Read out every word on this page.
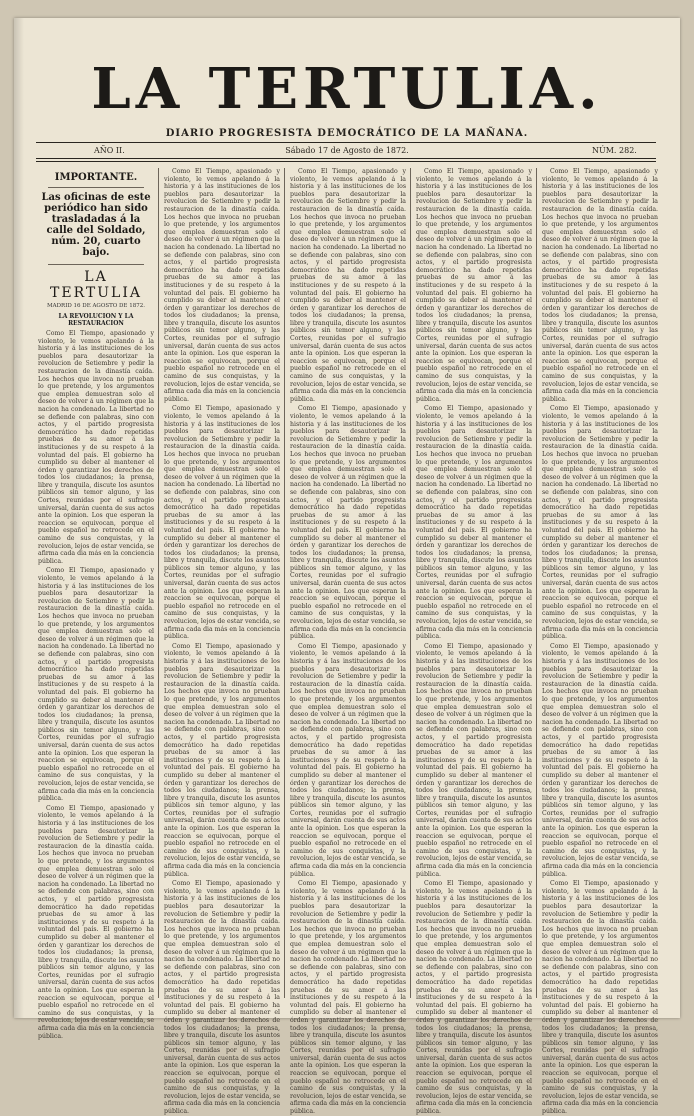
LA TERTULIA.
DIARIO PROGRESISTA DEMOCRÁTICO DE LA MAÑANA.
AÑO II.	Sábado 17 de Agosto de 1872.	NÚM. 282.
IMPORTANTE.
Las oficinas de este periódico han sido trasladadas á la calle del Soldado, núm. 20, cuarto bajo.
LA TERTULIA
MADRID 16 DE AGOSTO DE 1872.
LA REVOLUCION Y LA RESTAURACION

Como El Tiempo, apasionado y violento, le vemos apelando á la historia y á las instituciones de los pueblos para desautorizar la revolucion de Setiembre y pedir la restauracion de la dinastía caída. Los hechos que invoca no prueban lo que pretende, y los argumentos que emplea demuestran solo el deseo de volver á un régimen que la nacion ha condenado. La libertad no se defiende con palabras, sino con actos, y el partido progresista democrático ha dado repetidas pruebas de su amor á las instituciones y de su respeto á la voluntad del país. El gobierno ha cumplido su deber al mantener el órden y garantizar los derechos de todos los ciudadanos; la prensa, libre y tranquila, discute los asuntos públicos sin temor alguno, y las Cortes, reunidas por el sufragio universal, darán cuenta de sus actos ante la opinion. Los que esperan la reaccion se equivocan, porque el pueblo español no retrocede en el camino de sus conquistas, y la revolucion, lejos de estar vencida, se afirma cada dia más en la conciencia pública.

Como El Tiempo, apasionado y violento, le vemos apelando á la historia y á las instituciones de los pueblos para desautorizar la revolucion de Setiembre y pedir la restauracion de la dinastía caída. Los hechos que invoca no prueban lo que pretende, y los argumentos que emplea demuestran solo el deseo de volver á un régimen que la nacion ha condenado. La libertad no se defiende con palabras, sino con actos, y el partido progresista democrático ha dado repetidas pruebas de su amor á las instituciones y de su respeto á la voluntad del país. El gobierno ha cumplido su deber al mantener el órden y garantizar los derechos de todos los ciudadanos; la prensa, libre y tranquila, discute los asuntos públicos sin temor alguno, y las Cortes, reunidas por el sufragio universal, darán cuenta de sus actos ante la opinion. Los que esperan la reaccion se equivocan, porque el pueblo español no retrocede en el camino de sus conquistas, y la revolucion, lejos de estar vencida, se afirma cada dia más en la conciencia pública.

Como El Tiempo, apasionado y violento, le vemos apelando á la historia y á las instituciones de los pueblos para desautorizar la revolucion de Setiembre y pedir la restauracion de la dinastía caída. Los hechos que invoca no prueban lo que pretende, y los argumentos que emplea demuestran solo el deseo de volver á un régimen que la nacion ha condenado. La libertad no se defiende con palabras, sino con actos, y el partido progresista democrático ha dado repetidas pruebas de su amor á las instituciones y de su respeto á la voluntad del país. El gobierno ha cumplido su deber al mantener el órden y garantizar los derechos de todos los ciudadanos; la prensa, libre y tranquila, discute los asuntos públicos sin temor alguno, y las Cortes, reunidas por el sufragio universal, darán cuenta de sus actos ante la opinion. Los que esperan la reaccion se equivocan, porque el pueblo español no retrocede en el camino de sus conquistas, y la revolucion, lejos de estar vencida, se afirma cada dia más en la conciencia pública.

Como El Tiempo, apasionado y violento, le vemos apelando á la historia y á las instituciones de los pueblos para desautorizar la revolucion de Setiembre y pedir la restauracion de la dinastía caída. Los hechos que invoca no prueban lo que pretende, y los argumentos que emplea demuestran solo el deseo de volver á un régimen que la nacion ha condenado. La libertad no se defiende con palabras, sino con actos, y el partido progresista democrático ha dado repetidas pruebas de su amor á las instituciones y de su respeto á la voluntad del país. El gobierno ha cumplido su deber al mantener el órden y garantizar los derechos de todos los ciudadanos; la prensa, libre y tranquila, discute los asuntos públicos sin temor alguno, y las Cortes, reunidas por el sufragio universal, darán cuenta de sus actos ante la opinion. Los que esperan la reaccion se equivocan, porque el pueblo español no retrocede en el camino de sus conquistas, y la revolucion, lejos de estar vencida, se afirma cada dia más en la conciencia pública.

Como El Tiempo, apasionado y violento, le vemos apelando á la historia y á las instituciones de los pueblos para desautorizar la revolucion de Setiembre y pedir la restauracion de la dinastía caída. Los hechos que invoca no prueban lo que pretende, y los argumentos que emplea demuestran solo el deseo de volver á un régimen que la nacion ha condenado. La libertad no se defiende con palabras, sino con actos, y el partido progresista democrático ha dado repetidas pruebas de su amor á las instituciones y de su respeto á la voluntad del país. El gobierno ha cumplido su deber al mantener el órden y garantizar los derechos de todos los ciudadanos; la prensa, libre y tranquila, discute los asuntos públicos sin temor alguno, y las Cortes, reunidas por el sufragio universal, darán cuenta de sus actos ante la opinion. Los que esperan la reaccion se equivocan, porque el pueblo español no retrocede en el camino de sus conquistas, y la revolucion, lejos de estar vencida, se afirma cada dia más en la conciencia pública.

Como El Tiempo, apasionado y violento, le vemos apelando á la historia y á las instituciones de los pueblos para desautorizar la revolucion de Setiembre y pedir la restauracion de la dinastía caída. Los hechos que invoca no prueban lo que pretende, y los argumentos que emplea demuestran solo el deseo de volver á un régimen que la nacion ha condenado. La libertad no se defiende con palabras, sino con actos, y el partido progresista democrático ha dado repetidas pruebas de su amor á las instituciones y de su respeto á la voluntad del país. El gobierno ha cumplido su deber al mantener el órden y garantizar los derechos de todos los ciudadanos; la prensa, libre y tranquila, discute los asuntos públicos sin temor alguno, y las Cortes, reunidas por el sufragio universal, darán cuenta de sus actos ante la opinion. Los que esperan la reaccion se equivocan, porque el pueblo español no retrocede en el camino de sus conquistas, y la revolucion, lejos de estar vencida, se afirma cada dia más en la conciencia pública.

Como El Tiempo, apasionado y violento, le vemos apelando á la historia y á las instituciones de los pueblos para desautorizar la revolucion de Setiembre y pedir la restauracion de la dinastía caída. Los hechos que invoca no prueban lo que pretende, y los argumentos que emplea demuestran solo el deseo de volver á un régimen que la nacion ha condenado. La libertad no se defiende con palabras, sino con actos, y el partido progresista democrático ha dado repetidas pruebas de su amor á las instituciones y de su respeto á la voluntad del país. El gobierno ha cumplido su deber al mantener el órden y garantizar los derechos de todos los ciudadanos; la prensa, libre y tranquila, discute los asuntos públicos sin temor alguno, y las Cortes, reunidas por el sufragio universal, darán cuenta de sus actos ante la opinion. Los que esperan la reaccion se equivocan, porque el pueblo español no retrocede en el camino de sus conquistas, y la revolucion, lejos de estar vencida, se afirma cada dia más en la conciencia pública.

Como El Tiempo, apasionado y violento, le vemos apelando á la historia y á las instituciones de los pueblos para desautorizar la revolucion de Setiembre y pedir la restauracion de la dinastía caída. Los hechos que invoca no prueban lo que pretende, y los argumentos que emplea demuestran solo el deseo de volver á un régimen que la nacion ha condenado. La libertad no se defiende con palabras, sino con actos, y el partido progresista democrático ha dado repetidas pruebas de su amor á las instituciones y de su respeto á la voluntad del país. El gobierno ha cumplido su deber al mantener el órden y garantizar los derechos de todos los ciudadanos; la prensa, libre y tranquila, discute los asuntos públicos sin temor alguno, y las Cortes, reunidas por el sufragio universal, darán cuenta de sus actos ante la opinion. Los que esperan la reaccion se equivocan, porque el pueblo español no retrocede en el camino de sus conquistas, y la revolucion, lejos de estar vencida, se afirma cada dia más en la conciencia pública.

Como El Tiempo, apasionado y violento, le vemos apelando á la historia y á las instituciones de los pueblos para desautorizar la revolucion de Setiembre y pedir la restauracion de la dinastía caída. Los hechos que invoca no prueban lo que pretende, y los argumentos que emplea demuestran solo el deseo de volver á un régimen que la nacion ha condenado. La libertad no se defiende con palabras, sino con actos, y el partido progresista democrático ha dado repetidas pruebas de su amor á las instituciones y de su respeto á la voluntad del país. El gobierno ha cumplido su deber al mantener el órden y garantizar los derechos de todos los ciudadanos; la prensa, libre y tranquila, discute los asuntos públicos sin temor alguno, y las Cortes, reunidas por el sufragio universal, darán cuenta de sus actos ante la opinion. Los que esperan la reaccion se equivocan, porque el pueblo español no retrocede en el camino de sus conquistas, y la revolucion, lejos de estar vencida, se afirma cada dia más en la conciencia pública.

Como El Tiempo, apasionado y violento, le vemos apelando á la historia y á las instituciones de los pueblos para desautorizar la revolucion de Setiembre y pedir la restauracion de la dinastía caída. Los hechos que invoca no prueban lo que pretende, y los argumentos que emplea demuestran solo el deseo de volver á un régimen que la nacion ha condenado. La libertad no se defiende con palabras, sino con actos, y el partido progresista democrático ha dado repetidas pruebas de su amor á las instituciones y de su respeto á la voluntad del país. El gobierno ha cumplido su deber al mantener el órden y garantizar los derechos de todos los ciudadanos; la prensa, libre y tranquila, discute los asuntos públicos sin temor alguno, y las Cortes, reunidas por el sufragio universal, darán cuenta de sus actos ante la opinion. Los que esperan la reaccion se equivocan, porque el pueblo español no retrocede en el camino de sus conquistas, y la revolucion, lejos de estar vencida, se afirma cada dia más en la conciencia pública.

Como El Tiempo, apasionado y violento, le vemos apelando á la historia y á las instituciones de los pueblos para desautorizar la revolucion de Setiembre y pedir la restauracion de la dinastía caída. Los hechos que invoca no prueban lo que pretende, y los argumentos que emplea demuestran solo el deseo de volver á un régimen que la nacion ha condenado. La libertad no se defiende con palabras, sino con actos, y el partido progresista democrático ha dado repetidas pruebas de su amor á las instituciones y de su respeto á la voluntad del país. El gobierno ha cumplido su deber al mantener el órden y garantizar los derechos de todos los ciudadanos; la prensa, libre y tranquila, discute los asuntos públicos sin temor alguno, y las Cortes, reunidas por el sufragio universal, darán cuenta de sus actos ante la opinion. Los que esperan la reaccion se equivocan, porque el pueblo español no retrocede en el camino de sus conquistas, y la revolucion, lejos de estar vencida, se afirma cada dia más en la conciencia pública.

Como El Tiempo, apasionado y violento, le vemos apelando á la historia y á las instituciones de los pueblos para desautorizar la revolucion de Setiembre y pedir la restauracion de la dinastía caída. Los hechos que invoca no prueban lo que pretende, y los argumentos que emplea demuestran solo el deseo de volver á un régimen que la nacion ha condenado. La libertad no se defiende con palabras, sino con actos, y el partido progresista democrático ha dado repetidas pruebas de su amor á las instituciones y de su respeto á la voluntad del país. El gobierno ha cumplido su deber al mantener el órden y garantizar los derechos de todos los ciudadanos; la prensa, libre y tranquila, discute los asuntos públicos sin temor alguno, y las Cortes, reunidas por el sufragio universal, darán cuenta de sus actos ante la opinion. Los que esperan la reaccion se equivocan, porque el pueblo español no retrocede en el camino de sus conquistas, y la revolucion, lejos de estar vencida, se afirma cada dia más en la conciencia pública.

Como El Tiempo, apasionado y violento, le vemos apelando á la historia y á las instituciones de los pueblos para desautorizar la revolucion de Setiembre y pedir la restauracion de la dinastía caída. Los hechos que invoca no prueban lo que pretende, y los argumentos que emplea demuestran solo el deseo de volver á un régimen que la nacion ha condenado. La libertad no se defiende con palabras, sino con actos, y el partido progresista democrático ha dado repetidas pruebas de su amor á las instituciones y de su respeto á la voluntad del país. El gobierno ha cumplido su deber al mantener el órden y garantizar los derechos de todos los ciudadanos; la prensa, libre y tranquila, discute los asuntos públicos sin temor alguno, y las Cortes, reunidas por el sufragio universal, darán cuenta de sus actos ante la opinion. Los que esperan la reaccion se equivocan, porque el pueblo español no retrocede en el camino de sus conquistas, y la revolucion, lejos de estar vencida, se afirma cada dia más en la conciencia pública.

Como El Tiempo, apasionado y violento, le vemos apelando á la historia y á las instituciones de los pueblos para desautorizar la revolucion de Setiembre y pedir la restauracion de la dinastía caída. Los hechos que invoca no prueban lo que pretende, y los argumentos que emplea demuestran solo el deseo de volver á un régimen que la nacion ha condenado. La libertad no se defiende con palabras, sino con actos, y el partido progresista democrático ha dado repetidas pruebas de su amor á las instituciones y de su respeto á la voluntad del país. El gobierno ha cumplido su deber al mantener el órden y garantizar los derechos de todos los ciudadanos; la prensa, libre y tranquila, discute los asuntos públicos sin temor alguno, y las Cortes, reunidas por el sufragio universal, darán cuenta de sus actos ante la opinion. Los que esperan la reaccion se equivocan, porque el pueblo español no retrocede en el camino de sus conquistas, y la revolucion, lejos de estar vencida, se afirma cada dia más en la conciencia pública.

Como El Tiempo, apasionado y violento, le vemos apelando á la historia y á las instituciones de los pueblos para desautorizar la revolucion de Setiembre y pedir la restauracion de la dinastía caída. Los hechos que invoca no prueban lo que pretende, y los argumentos que emplea demuestran solo el deseo de volver á un régimen que la nacion ha condenado. La libertad no se defiende con palabras, sino con actos, y el partido progresista democrático ha dado repetidas pruebas de su amor á las instituciones y de su respeto á la voluntad del país. El gobierno ha cumplido su deber al mantener el órden y garantizar los derechos de todos los ciudadanos; la prensa, libre y tranquila, discute los asuntos públicos sin temor alguno, y las Cortes, reunidas por el sufragio universal, darán cuenta de sus actos ante la opinion. Los que esperan la reaccion se equivocan, porque el pueblo español no retrocede en el camino de sus conquistas, y la revolucion, lejos de estar vencida, se afirma cada dia más en la conciencia pública.

Como El Tiempo, apasionado y violento, le vemos apelando á la historia y á las instituciones de los pueblos para desautorizar la revolucion de Setiembre y pedir la restauracion de la dinastía caída. Los hechos que invoca no prueban lo que pretende, y los argumentos que emplea demuestran solo el deseo de volver á un régimen que la nacion ha condenado. La libertad no se defiende con palabras, sino con actos, y el partido progresista democrático ha dado repetidas pruebas de su amor á las instituciones y de su respeto á la voluntad del país. El gobierno ha cumplido su deber al mantener el órden y garantizar los derechos de todos los ciudadanos; la prensa, libre y tranquila, discute los asuntos públicos sin temor alguno, y las Cortes, reunidas por el sufragio universal, darán cuenta de sus actos ante la opinion. Los que esperan la reaccion se equivocan, porque el pueblo español no retrocede en el camino de sus conquistas, y la revolucion, lejos de estar vencida, se afirma cada dia más en la conciencia pública.

Como El Tiempo, apasionado y violento, le vemos apelando á la historia y á las instituciones de los pueblos para desautorizar la revolucion de Setiembre y pedir la restauracion de la dinastía caída. Los hechos que invoca no prueban lo que pretende, y los argumentos que emplea demuestran solo el deseo de volver á un régimen que la nacion ha condenado. La libertad no se defiende con palabras, sino con actos, y el partido progresista democrático ha dado repetidas pruebas de su amor á las instituciones y de su respeto á la voluntad del país. El gobierno ha cumplido su deber al mantener el órden y garantizar los derechos de todos los ciudadanos; la prensa, libre y tranquila, discute los asuntos públicos sin temor alguno, y las Cortes, reunidas por el sufragio universal, darán cuenta de sus actos ante la opinion. Los que esperan la reaccion se equivocan, porque el pueblo español no retrocede en el camino de sus conquistas, y la revolucion, lejos de estar vencida, se afirma cada dia más en la conciencia pública.

Como El Tiempo, apasionado y violento, le vemos apelando á la historia y á las instituciones de los pueblos para desautorizar la revolucion de Setiembre y pedir la restauracion de la dinastía caída. Los hechos que invoca no prueban lo que pretende, y los argumentos que emplea demuestran solo el deseo de volver á un régimen que la nacion ha condenado. La libertad no se defiende con palabras, sino con actos, y el partido progresista democrático ha dado repetidas pruebas de su amor á las instituciones y de su respeto á la voluntad del país. El gobierno ha cumplido su deber al mantener el órden y garantizar los derechos de todos los ciudadanos; la prensa, libre y tranquila, discute los asuntos públicos sin temor alguno, y las Cortes, reunidas por el sufragio universal, darán cuenta de sus actos ante la opinion. Los que esperan la reaccion se equivocan, porque el pueblo español no retrocede en el camino de sus conquistas, y la revolucion, lejos de estar vencida, se afirma cada dia más en la conciencia pública.

Como El Tiempo, apasionado y violento, le vemos apelando á la historia y á las instituciones de los pueblos para desautorizar la revolucion de Setiembre y pedir la restauracion de la dinastía caída. Los hechos que invoca no prueban lo que pretende, y los argumentos que emplea demuestran solo el deseo de volver á un régimen que la nacion ha condenado. La libertad no se defiende con palabras, sino con actos, y el partido progresista democrático ha dado repetidas pruebas de su amor á las instituciones y de su respeto á la voluntad del país. El gobierno ha cumplido su deber al mantener el órden y garantizar los derechos de todos los ciudadanos; la prensa, libre y tranquila, discute los asuntos públicos sin temor alguno, y las Cortes, reunidas por el sufragio universal, darán cuenta de sus actos ante la opinion. Los que esperan la reaccion se equivocan, porque el pueblo español no retrocede en el camino de sus conquistas, y la revolucion, lejos de estar vencida, se afirma cada dia más en la conciencia pública.
